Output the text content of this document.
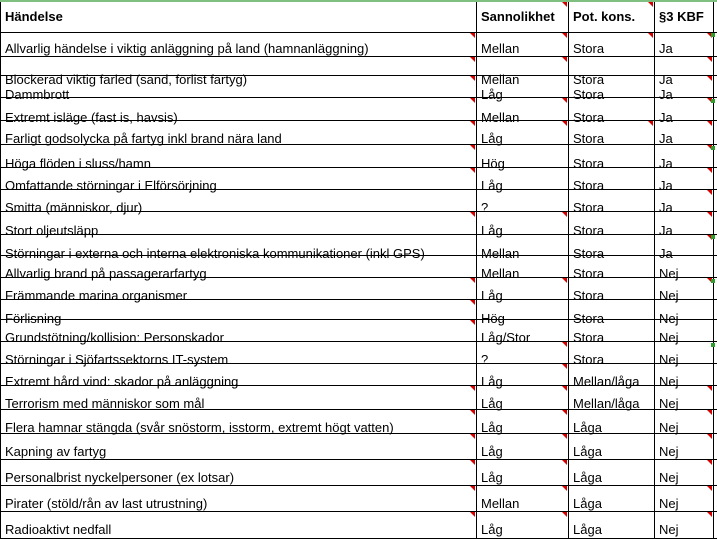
Händelse	Sannolikhet	Pot. kons.	§3 KBF
Allvarlig händelse i viktig anläggning på land (hamnanläggning)	Mellan	Stora	Ja
Blockerad viktig farled (sand, förlist fartyg)	Mellan	Stora	Ja
Dammbrott	Låg	Stora	Ja
Extremt isläge (fast is, havsis)	Mellan	Stora	Ja
Farligt godsolycka på fartyg inkl brand nära land	Låg	Stora	Ja
Höga flöden i sluss/hamn	Hög	Stora	Ja
Omfattande störningar i Elförsörjning	Låg	Stora	Ja
Smitta (människor, djur)	?	Stora	Ja
Stort oljeutsläpp	Låg	Stora	Ja
Störningar i externa och interna elektroniska kommunikationer (inkl GPS)	Mellan	Stora	Ja
Allvarlig brand på passagerarfartyg	Mellan	Stora	Nej
Främmande marina organismer	Låg	Stora	Nej
Förlisning	Hög	Stora	Nej
Grundstötning/kollision: Personskador	Låg/Stor	Stora	Nej
Störningar i Sjöfartssektorns IT-system	?	Stora	Nej
Extremt hård vind: skador på anläggning	Låg	Mellan/låga	Nej
Terrorism med människor som mål	Låg	Mellan/låga	Nej
Flera hamnar stängda (svår snöstorm, isstorm, extremt högt vatten)	Låg	Låga	Nej
Kapning av fartyg	Låg	Låga	Nej
Personalbrist nyckelpersoner (ex lotsar)	Låg	Låga	Nej
Pirater (stöld/rån av last utrustning)	Mellan	Låga	Nej
Radioaktivt nedfall	Låg	Låga	Nej
